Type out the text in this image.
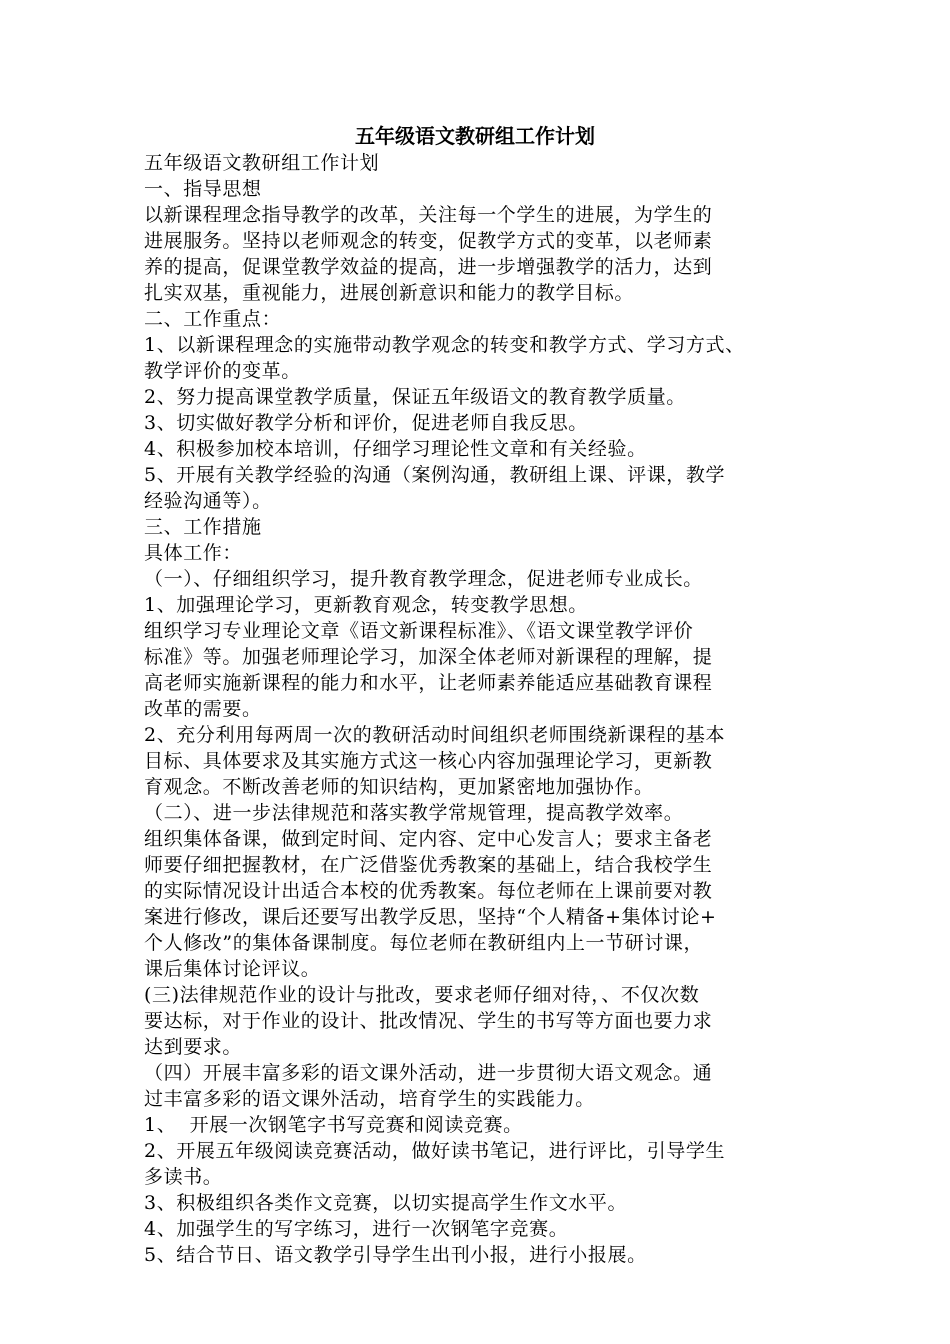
五年级语文教研组工作计划
五年级语文教研组工作计划
一、指导思想
以新课程理念指导教学的改革，关注每一个学生的进展，为学生的
进展服务。坚持以老师观念的转变，促教学方式的变革，以老师素
养的提高，促课堂教学效益的提高，进一步增强教学的活力，达到
扎实双基，重视能力，进展创新意识和能力的教学目标。
二、工作重点：
1、以新课程理念的实施带动教学观念的转变和教学方式、学习方式、
教学评价的变革。
2、努力提高课堂教学质量，保证五年级语文的教育教学质量。
3、切实做好教学分析和评价，促进老师自我反思。
4、积极参加校本培训，仔细学习理论性文章和有关经验。
5、开展有关教学经验的沟通（案例沟通，教研组上课、评课，教学
经验沟通等）。
三、工作措施
具体工作：
（一）、仔细组织学习，提升教育教学理念，促进老师专业成长。
1、加强理论学习，更新教育观念，转变教学思想。
组织学习专业理论文章《语文新课程标准》、《语文课堂教学评价
标准》等。加强老师理论学习，加深全体老师对新课程的理解，提
高老师实施新课程的能力和水平，让老师素养能适应基础教育课程
改革的需要。
2、充分利用每两周一次的教研活动时间组织老师围绕新课程的基本
目标、具体要求及其实施方式这一核心内容加强理论学习，更新教
育观念。不断改善老师的知识结构，更加紧密地加强协作。
（二）、进一步法律规范和落实教学常规管理，提高教学效率。
组织集体备课，做到定时间、定内容、定中心发言人；要求主备老
师要仔细把握教材，在广泛借鉴优秀教案的基础上，结合我校学生
的实际情况设计出适合本校的优秀教案。每位老师在上课前要对教
案进行修改，课后还要写出教学反思，坚持“个人精备+集体讨论+
个人修改”的集体备课制度。每位老师在教研组内上一节研讨课，
课后集体讨论评议。
(三)法律规范作业的设计与批改，要求老师仔细对待，、不仅次数
要达标，对于作业的设计、批改情况、学生的书写等方面也要力求
达到要求。
（四）开展丰富多彩的语文课外活动，进一步贯彻大语文观念。通
过丰富多彩的语文课外活动，培育学生的实践能力。
1、  开展一次钢笔字书写竞赛和阅读竞赛。
2、开展五年级阅读竞赛活动，做好读书笔记，进行评比，引导学生
多读书。
3、积极组织各类作文竞赛，以切实提高学生作文水平。
4、加强学生的写字练习，进行一次钢笔字竞赛。
5、结合节日、语文教学引导学生出刊小报，进行小报展。
